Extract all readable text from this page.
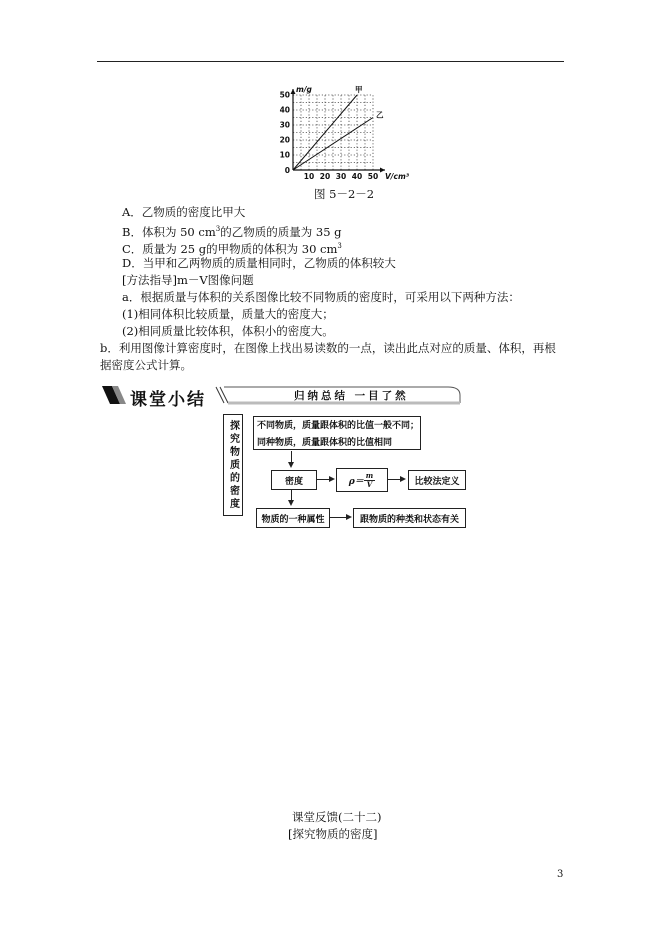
甲
乙
10 20 30 40 50
10
20
30
40
50
0
V/cm³
m/g
图 5－2－2
A．乙物质的密度比甲大
B．体积为 50 $cm^3$的乙物质的质量为 35 g
C．质量为 25 g的甲物质的体积为 30 $cm^3$
D．当甲和乙两物质的质量相同时，乙物质的体积较大
[方法指导]m－V图像问题
a．根据质量与体积的关系图像比较不同物质的密度时，可采用以下两种方法：
(1)相同体积比较质量，质量大的密度大；
(2)相同质量比较体积，体积小的密度大。
b．利用图像计算密度时，在图像上找出易读数的一点，读出此点对应的质量、体积，再根
据密度公式计算。
课堂小结	归纳总结 一目了然
探究物质的密度	不同物质，质量跟体积的比值一般不同；
同种物质，质量跟体积的比值相同
密度	ρ＝
m
V	比较法定义
物质的一种属性	跟物质的种类和状态有关
课堂反馈(二十二)
[探究物质的密度]
3
